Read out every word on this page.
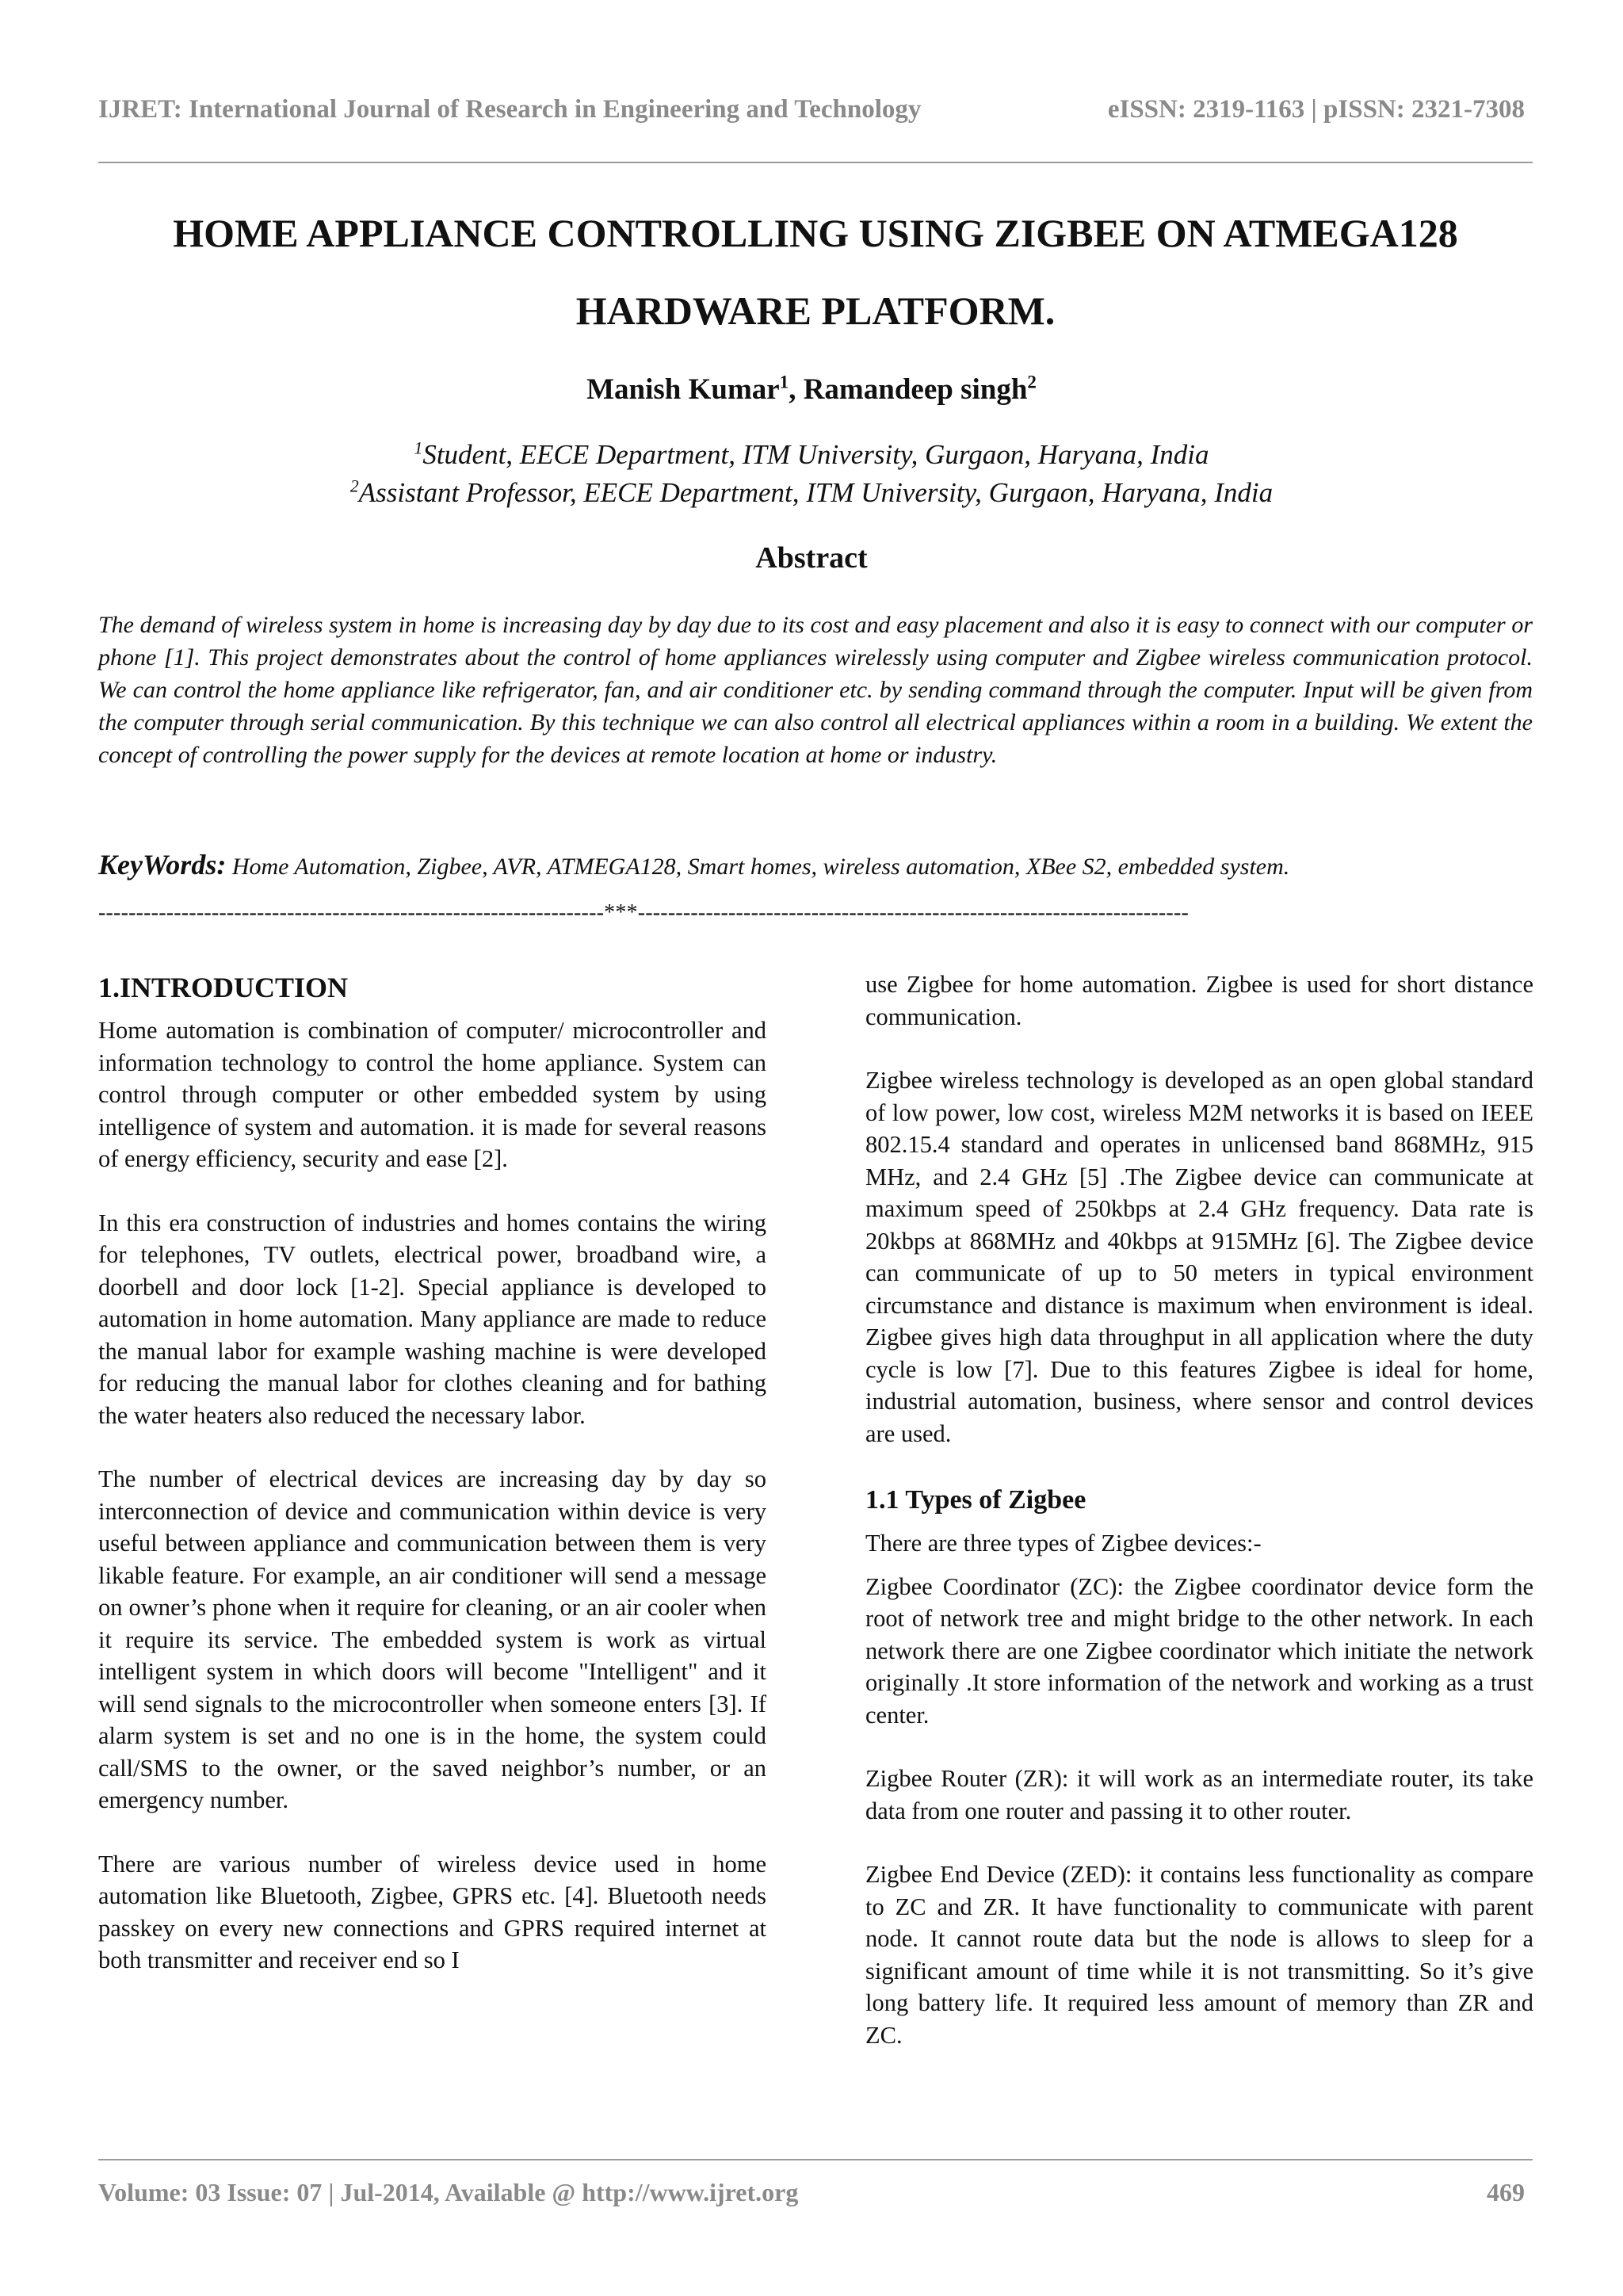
IJRET: International Journal of Research in Engineering and Technology	eISSN: 2319-1163 | pISSN: 2321-7308
HOME APPLIANCE CONTROLLING USING ZIGBEE ON ATMEGA128
HARDWARE PLATFORM.
Manish Kumar$^1$, Ramandeep singh$^2$
$^1$Student, EECE Department, ITM University, Gurgaon, Haryana, India
$^2$Assistant Professor, EECE Department, ITM University, Gurgaon, Haryana, India
Abstract

The demand of wireless system in home is increasing day by day due to its cost and easy placement and also it is easy to connect with our computer or phone [1]. This project demonstrates about the control of home appliances wirelessly using computer and Zigbee wireless communication protocol. We can control the home appliance like refrigerator, fan, and air conditioner etc. by sending command through the computer. Input will be given from the computer through serial communication. By this technique we can also control all electrical appliances within a room in a building. We extent the concept of controlling the power supply for the devices at remote location at home or industry.

KeyWords: Home Automation, Zigbee, AVR, ATMEGA128, Smart homes, wireless automation, XBee S2, embedded system.

-------------------------------------------------------------------***-------------------------------------------------------------------------
1.INTRODUCTION

Home automation is combination of computer/ microcontroller and information technology to control the home appliance. System can control through computer or other embedded system by using intelligence of system and automation. it is made for several reasons of energy efficiency, security and ease [2].

In this era construction of industries and homes contains the wiring for telephones, TV outlets, electrical power, broadband wire, a doorbell and door lock [1-2]. Special appliance is developed to automation in home automation. Many appliance are made to reduce the manual labor for example washing machine is were developed for reducing the manual labor for clothes cleaning and for bathing the water heaters also reduced the necessary labor.

The number of electrical devices are increasing day by day so interconnection of device and communication within device is very useful between appliance and communication between them is very likable feature. For example, an air conditioner will send a message on owner’s phone when it require for cleaning, or an air cooler when it require its service. The embedded system is work as virtual intelligent system in which doors will become "Intelligent" and it will send signals to the microcontroller when someone enters [3]. If alarm system is set and no one is in the home, the system could call/SMS to the owner, or the saved neighbor’s number, or an emergency number.

There are various number of wireless device used in home automation like Bluetooth, Zigbee, GPRS etc. [4]. Bluetooth needs passkey on every new connections and GPRS required internet at both transmitter and receiver end so I

use Zigbee for home automation. Zigbee is used for short distance communication.

Zigbee wireless technology is developed as an open global standard of low power, low cost, wireless M2M networks it is based on IEEE 802.15.4 standard and operates in unlicensed band 868MHz, 915 MHz, and 2.4 GHz [5] .The Zigbee device can communicate at maximum speed of 250kbps at 2.4 GHz frequency. Data rate is 20kbps at 868MHz and 40kbps at 915MHz [6]. The Zigbee device can communicate of up to 50 meters in typical environment circumstance and distance is maximum when environment is ideal. Zigbee gives high data throughput in all application where the duty cycle is low [7]. Due to this features Zigbee is ideal for home, industrial automation, business, where sensor and control devices are used.

1.1 Types of Zigbee

There are three types of Zigbee devices:-

Zigbee Coordinator (ZC): the Zigbee coordinator device form the root of network tree and might bridge to the other network. In each network there are one Zigbee coordinator which initiate the network originally .It store information of the network and working as a trust center.

Zigbee Router (ZR): it will work as an intermediate router, its take data from one router and passing it to other router.

Zigbee End Device (ZED): it contains less functionality as compare to ZC and ZR. It have functionality to communicate with parent node. It cannot route data but the node is allows to sleep for a significant amount of time while it is not transmitting. So it’s give long battery life. It required less amount of memory than ZR and ZC.

Volume: 03 Issue: 07 | Jul-2014, Available @ http://www.ijret.org	469
